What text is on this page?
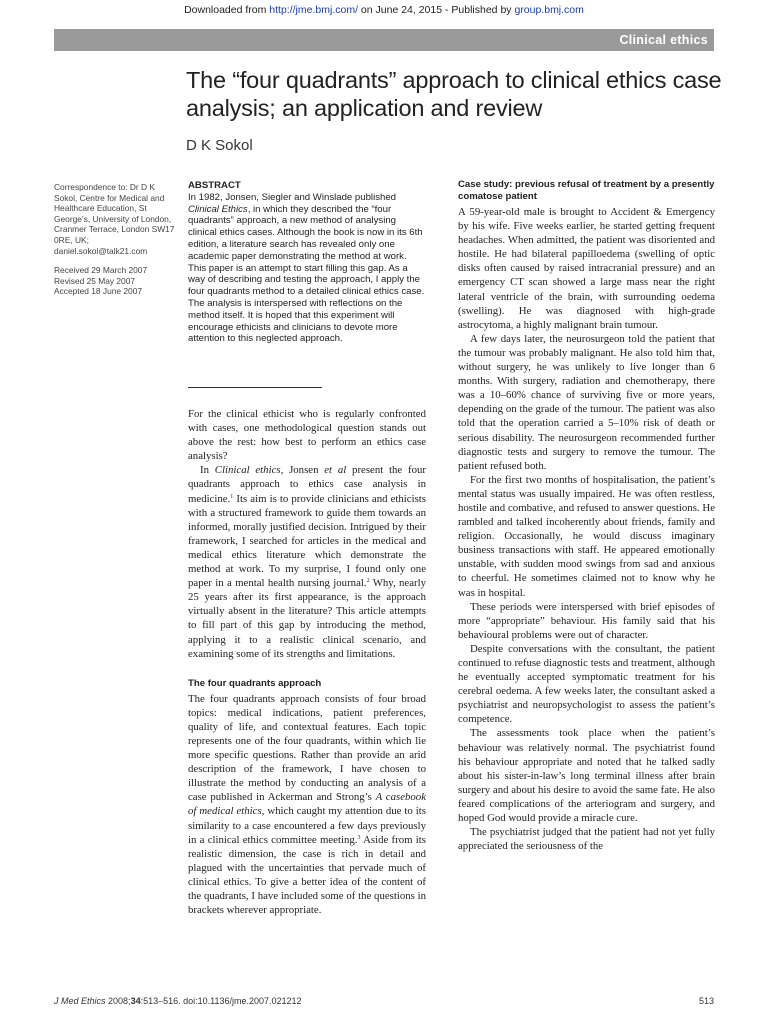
Downloaded from http://jme.bmj.com/ on June 24, 2015 - Published by group.bmj.com
Clinical ethics
The “four quadrants” approach to clinical ethics case analysis; an application and review
D K Sokol
Correspondence to: Dr D K Sokol, Centre for Medical and Healthcare Education, St George’s, University of London, Cranmer Terrace, London SW17 0RE, UK; daniel.sokol@talk21.com
Received 29 March 2007
Revised 25 May 2007
Accepted 18 June 2007
ABSTRACT
In 1982, Jonsen, Siegler and Winslade published Clinical Ethics, in which they described the “four quadrants” approach, a new method of analysing clinical ethics cases. Although the book is now in its 6th edition, a literature search has revealed only one academic paper demonstrating the method at work. This paper is an attempt to start filling this gap. As a way of describing and testing the approach, I apply the four quadrants method to a detailed clinical ethics case. The analysis is interspersed with reflections on the method itself. It is hoped that this experiment will encourage ethicists and clinicians to devote more attention to this neglected approach.

For the clinical ethicist who is regularly confronted with cases, one methodological question stands out above the rest: how best to perform an ethics case analysis?

In Clinical ethics, Jonsen et al present the four quadrants approach to ethics case analysis in medicine.$^1$ Its aim is to provide clinicians and ethicists with a structured framework to guide them towards an informed, morally justified decision. Intrigued by their framework, I searched for articles in the medical and medical ethics literature which demonstrate the method at work. To my surprise, I found only one paper in a mental health nursing journal.$^2$ Why, nearly 25 years after its first appearance, is the approach virtually absent in the literature? This article attempts to fill part of this gap by introducing the method, applying it to a realistic clinical scenario, and examining some of its strengths and limitations.

The four quadrants approach

The four quadrants approach consists of four broad topics: medical indications, patient preferences, quality of life, and contextual features. Each topic represents one of the four quadrants, within which lie more specific questions. Rather than provide an arid description of the framework, I have chosen to illustrate the method by conducting an analysis of a case published in Ackerman and Strong’s A casebook of medical ethics, which caught my attention due to its similarity to a case encountered a few days previously in a clinical ethics committee meeting.$^3$ Aside from its realistic dimension, the case is rich in detail and plagued with the uncertainties that pervade much of clinical ethics. To give a better idea of the content of the quadrants, I have included some of the questions in brackets wherever appropriate.

Case study: previous refusal of treatment by a presently comatose patient

A 59-year-old male is brought to Accident & Emergency by his wife. Five weeks earlier, he started getting frequent headaches. When admitted, the patient was disoriented and hostile. He had bilateral papilloedema (swelling of optic disks often caused by raised intracranial pressure) and an emergency CT scan showed a large mass near the right lateral ventricle of the brain, with surrounding oedema (swelling). He was diagnosed with high-grade astrocytoma, a highly malignant brain tumour.

A few days later, the neurosurgeon told the patient that the tumour was probably malignant. He also told him that, without surgery, he was unlikely to live longer than 6 months. With surgery, radiation and chemotherapy, there was a 10–60% chance of surviving five or more years, depending on the grade of the tumour. The patient was also told that the operation carried a 5–10% risk of death or serious disability. The neurosurgeon recommended further diagnostic tests and surgery to remove the tumour. The patient refused both.

For the first two months of hospitalisation, the patient’s mental status was usually impaired. He was often restless, hostile and combative, and refused to answer questions. He rambled and talked incoherently about friends, family and religion. Occasionally, he would discuss imaginary business transactions with staff. He appeared emotionally unstable, with sudden mood swings from sad and anxious to cheerful. He sometimes claimed not to know why he was in hospital.

These periods were interspersed with brief episodes of more “appropriate” behaviour. His family said that his behavioural problems were out of character.

Despite conversations with the consultant, the patient continued to refuse diagnostic tests and treatment, although he eventually accepted symptomatic treatment for his cerebral oedema. A few weeks later, the consultant asked a psychiatrist and neuropsychologist to assess the patient’s competence.

The assessments took place when the patient’s behaviour was relatively normal. The psychiatrist found his behaviour appropriate and noted that he talked sadly about his sister-in-law’s long terminal illness after brain surgery and about his desire to avoid the same fate. He also feared complications of the arteriogram and surgery, and hoped God would provide a miracle cure.

The psychiatrist judged that the patient had not yet fully appreciated the seriousness of the

J Med Ethics 2008;34:513–516. doi:10.1136/jme.2007.021212	513
